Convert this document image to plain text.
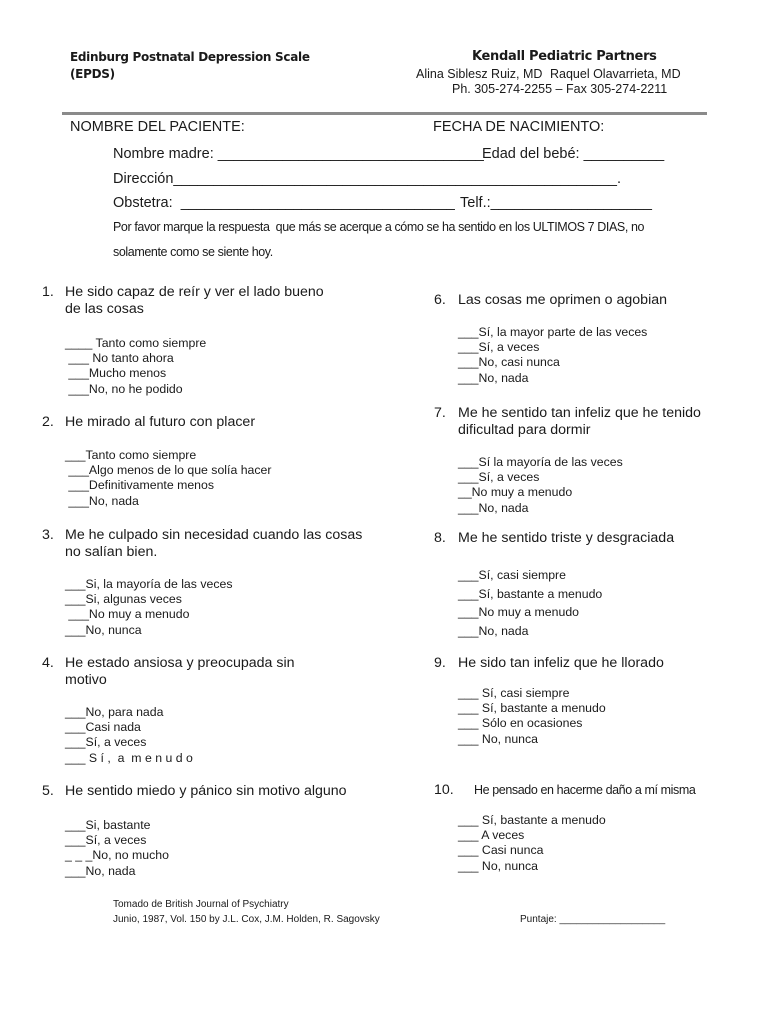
Edinburg Postnatal Depression Scale
(EPDS)
Kendall Pediatric Partners
Alina Siblesz Ruiz, MD Raquel Olavarrieta, MD
Ph. 305-274-2255 – Fax 305-274-2211
NOMBRE DEL PACIENTE:	FECHA DE NACIMIENTO:
Nombre madre: _________________________________
Edad del bebé: __________
Dirección_______________________________________________________.
Obstetra:  __________________________________ Telf.:____________________
Por favor marque la respuesta  que más se acerque a cómo se ha sentido en los ULTIMOS 7 DIAS, no
solamente como se siente hoy.
1. He sido capaz de reír y ver el lado bueno de las cosas
____ Tanto como siempre
___ No tanto ahora
___Mucho menos
___No, no he podido
2. He mirado al futuro con placer
___Tanto como siempre
___Algo menos de lo que solía hacer
___Definitivamente menos
___No, nada
3. Me he culpado sin necesidad cuando las cosas no salían bien.
___Si, la mayoría de las veces
___Si, algunas veces
___No muy a menudo
___No, nunca
4. He estado ansiosa y preocupada sin motivo
___No, para nada
___Casi nada
___Sí, a veces
___ S í ,  a  m e n u d o
5. He sentido miedo y pánico sin motivo alguno
___Si, bastante
___Sí, a veces
_ _ _No, no mucho
___No, nada
6. Las cosas me oprimen o agobian
___Sí, la mayor parte de las veces
___Sí, a veces
___No, casi nunca
___No, nada
7. Me he sentido tan infeliz que he tenido dificultad para dormir
___Sí la mayoría de las veces
___Sí, a veces
__No muy a menudo
___No, nada
8. Me he sentido triste y desgraciada
___Sí, casi siempre
___Sí, bastante a menudo
___No muy a menudo
___No, nada
9. He sido tan infeliz que he llorado
___ Sí, casi siempre
___ Sí, bastante a menudo
___ Sólo en ocasiones
___ No, nunca
10. He pensado en hacerme daño a mí misma
___ Sí, bastante a menudo
___ A veces
___ Casi nunca
___ No, nunca
Tomado de British Journal of Psychiatry
Junio, 1987, Vol. 150 by J.L. Cox, J.M. Holden, R. Sagovsky	Puntaje: ___________________
